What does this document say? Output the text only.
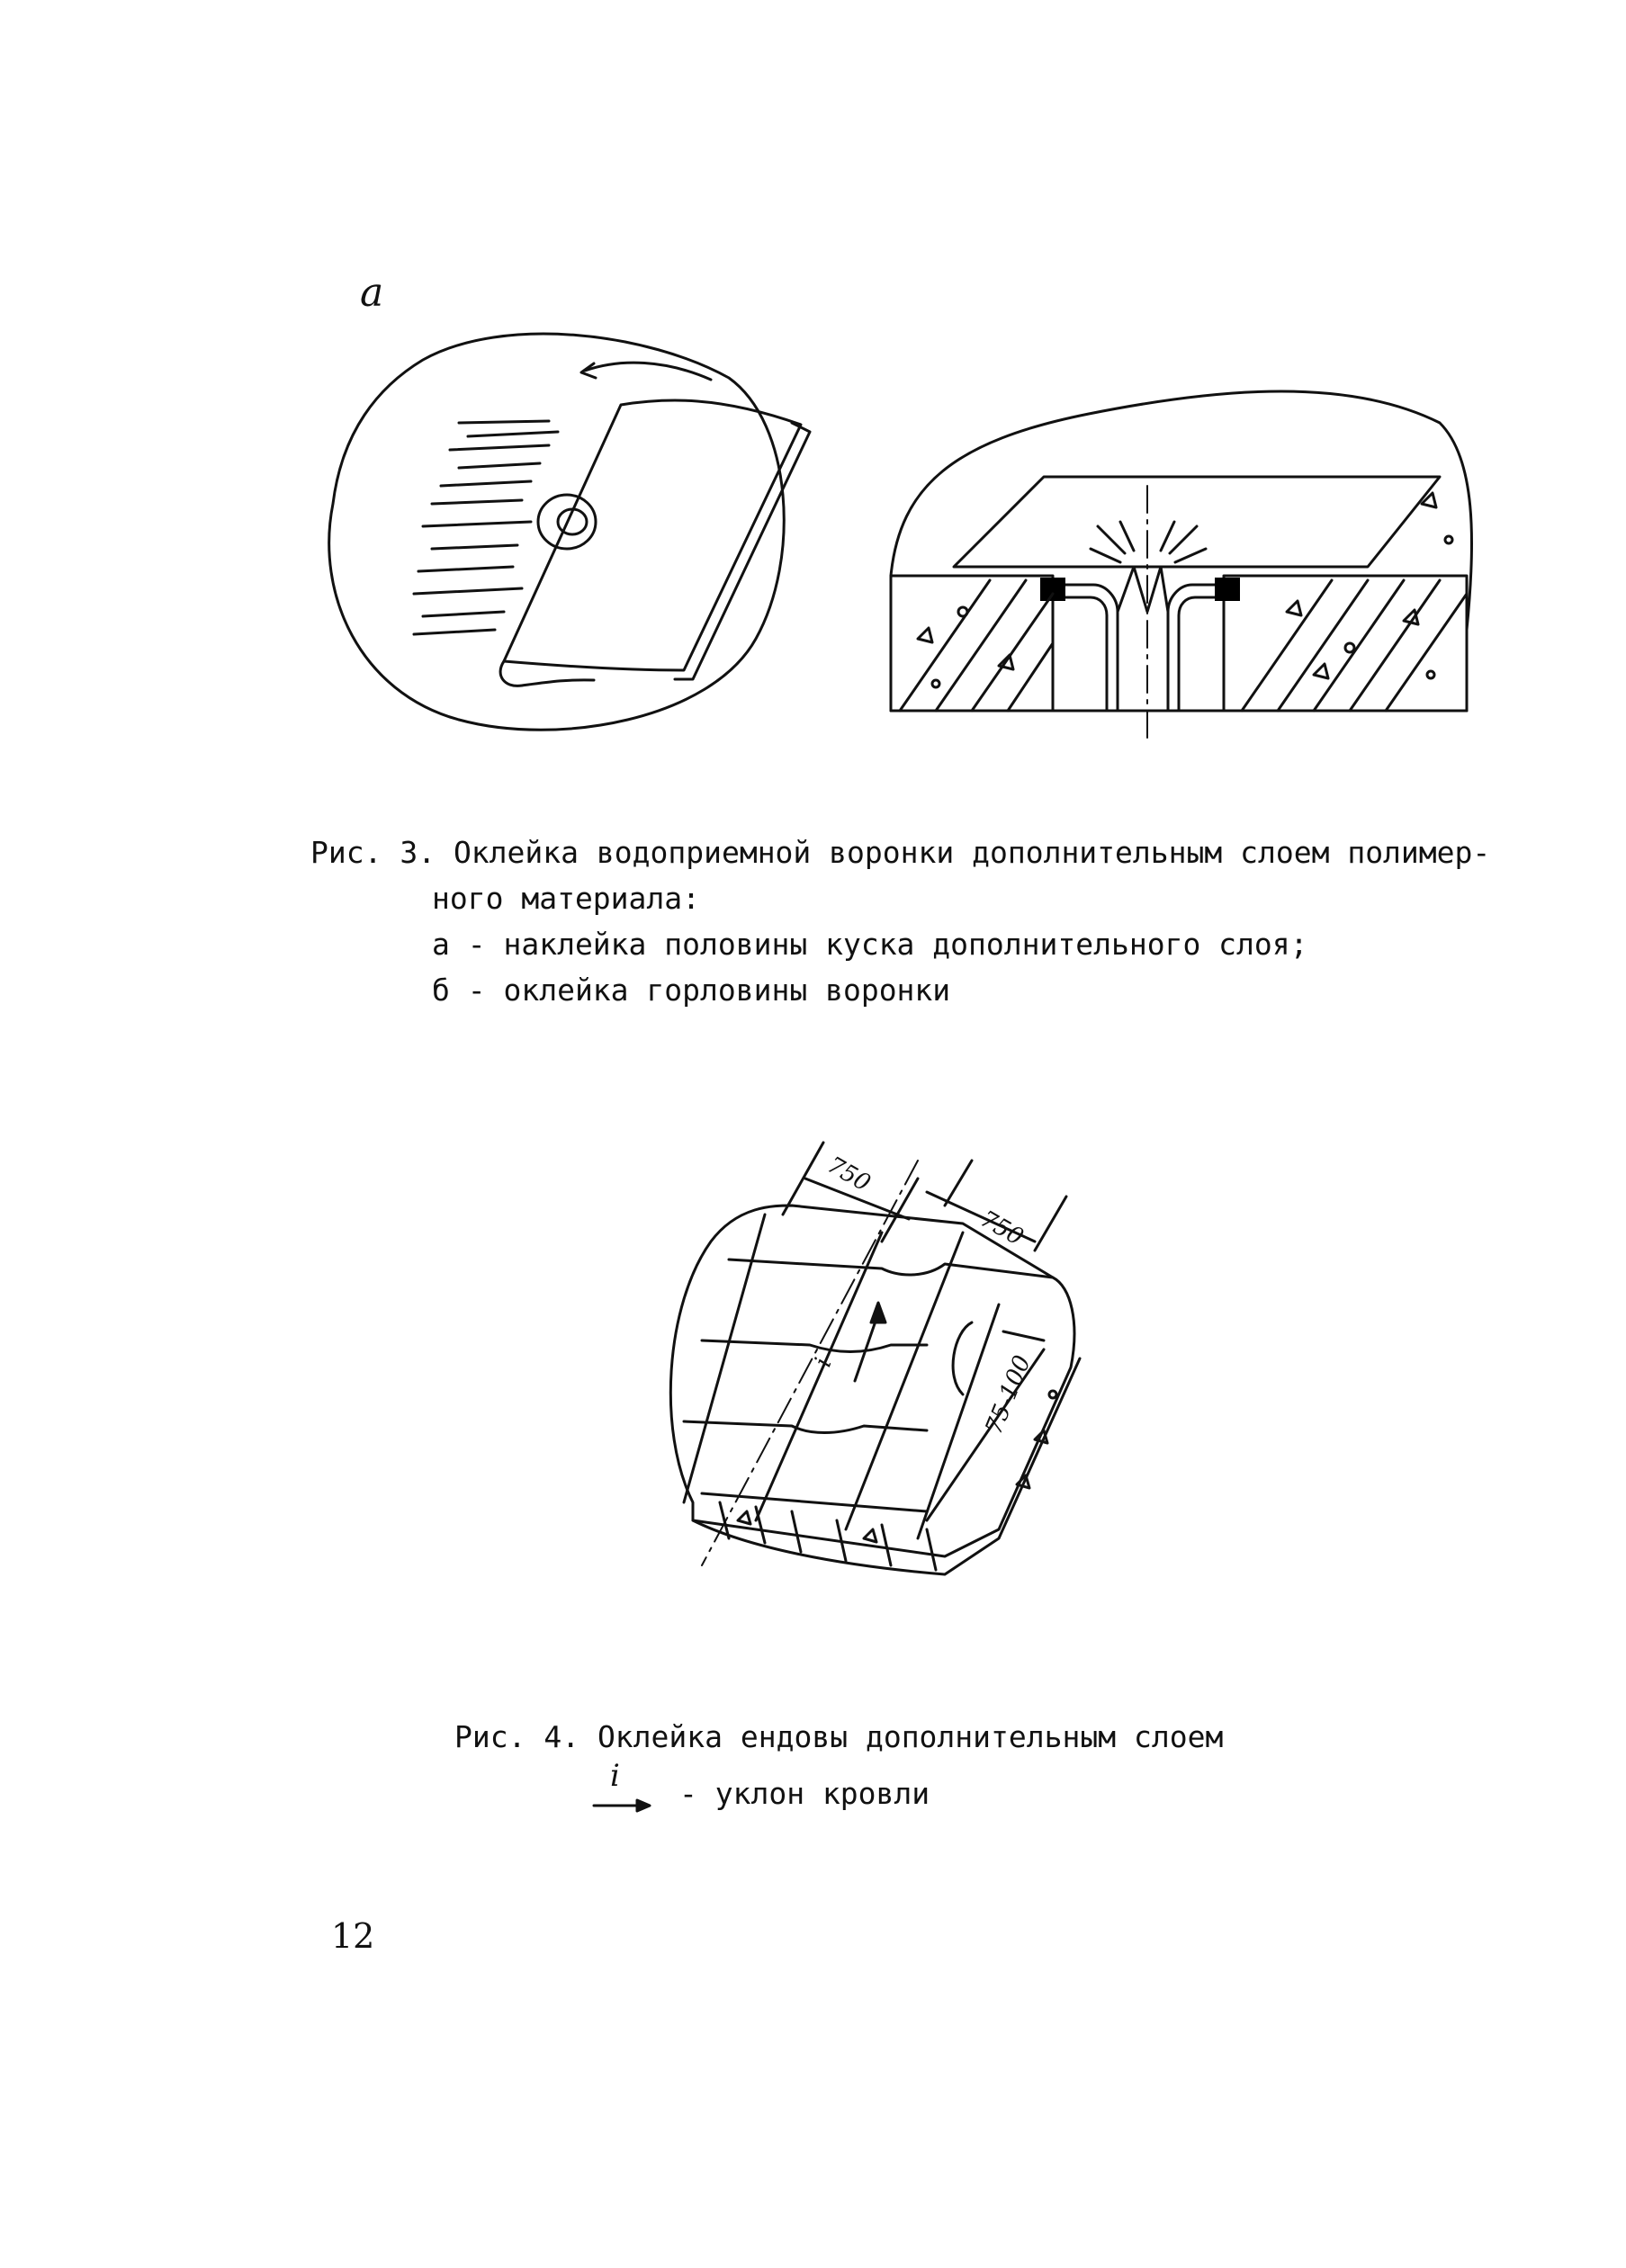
a
Рис. 3. Оклейка водоприемной воронки дополнительным слоем полимер-
ного материала:
а - наклейка половины куска дополнительного слоя;
б - оклейка горловины воронки
i
750
750
75-100
Рис. 4. Оклейка ендовы дополнительным слоем
i - уклон кровли
12
